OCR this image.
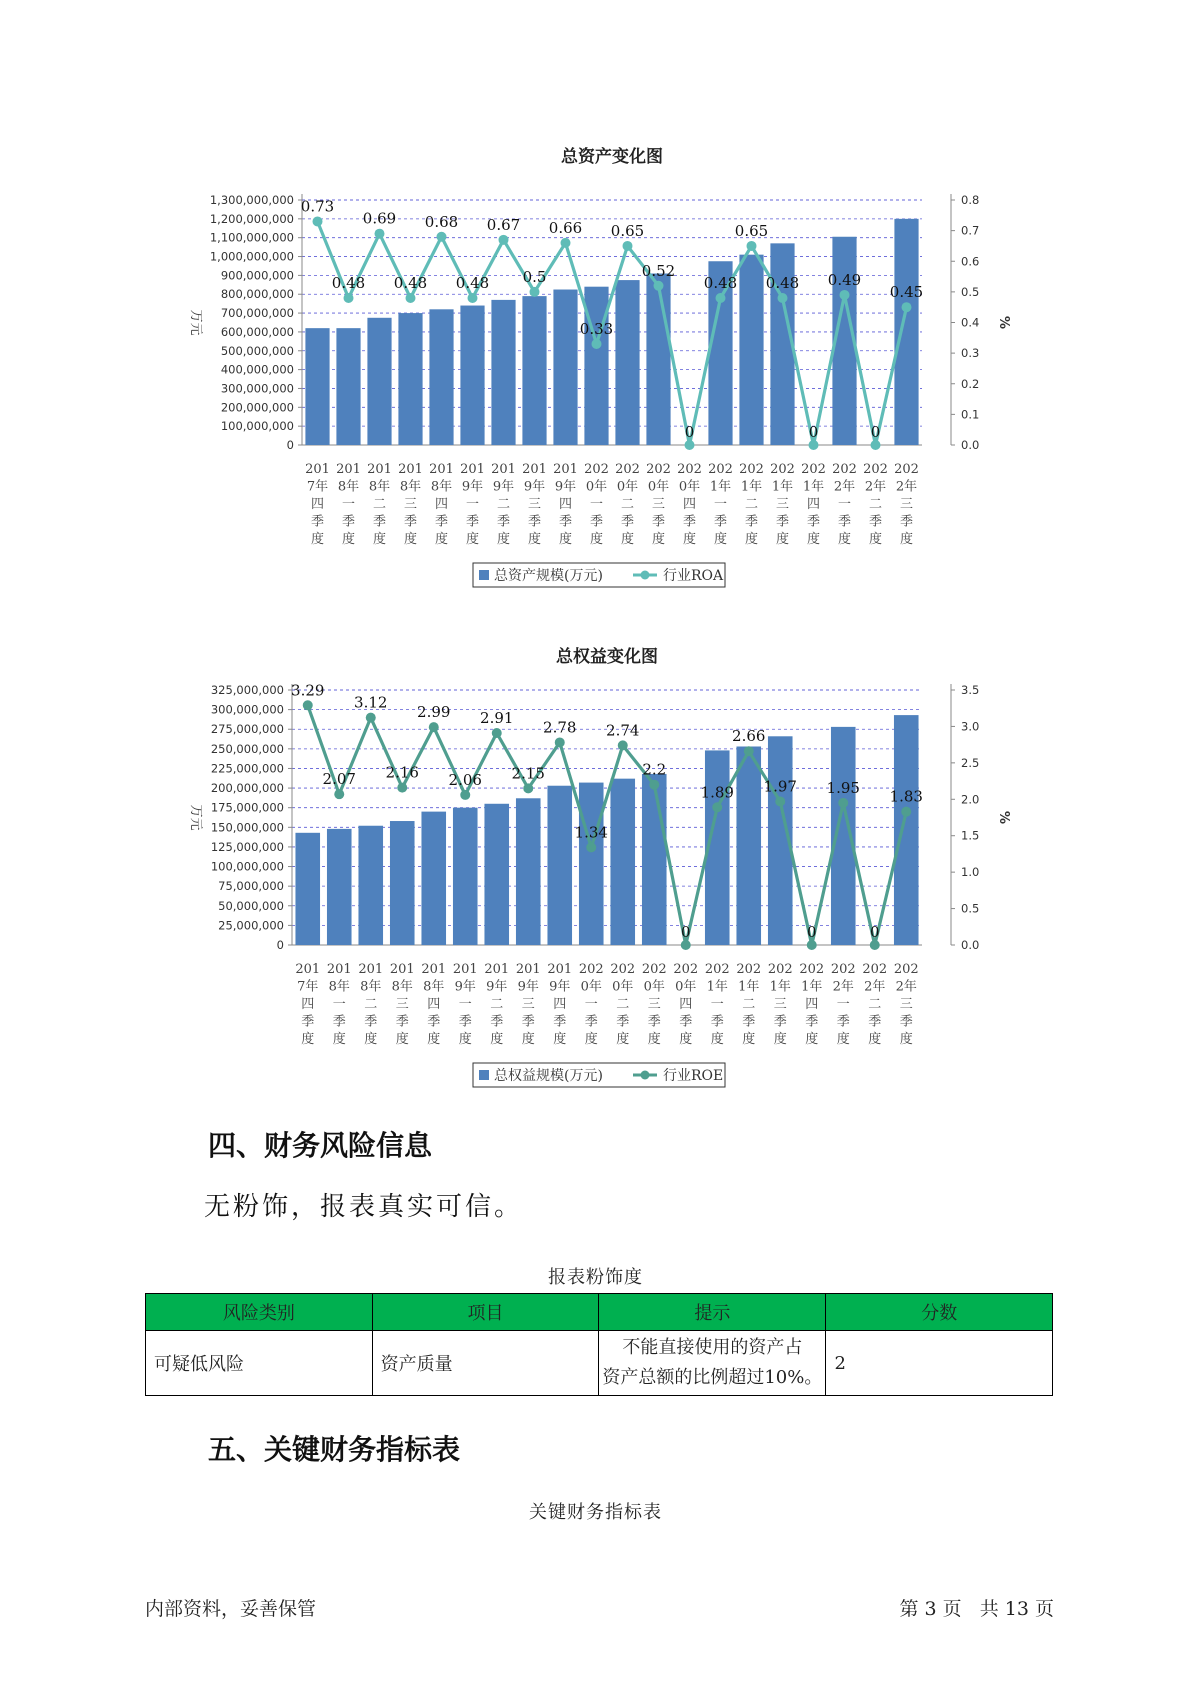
总资产变化图
0
100,000,000
200,000,000
300,000,000
400,000,000
500,000,000
600,000,000
700,000,000
800,000,000
900,000,000
1,000,000,000
1,100,000,000
1,200,000,000
1,300,000,000
0.0
0.1
0.2
0.3
0.4
0.5
0.6
0.7
0.8
万元	%
0.73
0.48
0.69
0.48
0.68
0.48
0.67
0.5
0.66
0.33
0.65
0.52
0
0.48
0.65
0.48
0
0.49
0
0.45
201
7年
四
季
度
201
8年
一
季
度
201
8年
二
季
度
201
8年
三
季
度
201
8年
四
季
度
201
9年
一
季
度
201
9年
二
季
度
201
9年
三
季
度
201
9年
四
季
度
202
0年
一
季
度
202
0年
二
季
度
202
0年
三
季
度
202
0年
四
季
度
202
1年
一
季
度
202
1年
二
季
度
202
1年
三
季
度
202
1年
四
季
度
202
2年
一
季
度
202
2年
二
季
度
202
2年
三
季
度
总资产规模(万元)	行业ROA
总权益变化图
0
25,000,000
50,000,000
75,000,000
100,000,000
125,000,000
150,000,000
175,000,000
200,000,000
225,000,000
250,000,000
275,000,000
300,000,000
325,000,000
0.0
0.5
1.0
1.5
2.0
2.5
3.0
3.5
万元	%
3.29
2.07
3.12
2.16
2.99
2.06
2.91
2.15
2.78
1.34
2.74
2.2
0
1.89
2.66
1.97
0
1.95
0
1.83
201
7年
四
季
度
201
8年
一
季
度
201
8年
二
季
度
201
8年
三
季
度
201
8年
四
季
度
201
9年
一
季
度
201
9年
二
季
度
201
9年
三
季
度
201
9年
四
季
度
202
0年
一
季
度
202
0年
二
季
度
202
0年
三
季
度
202
0年
四
季
度
202
1年
一
季
度
202
1年
二
季
度
202
1年
三
季
度
202
1年
四
季
度
202
2年
一
季
度
202
2年
二
季
度
202
2年
三
季
度
总权益规模(万元)	行业ROE
四、财务风险信息
无粉饰，报表真实可信。
报表粉饰度
风险类别	项目	提示	分数
可疑低风险	资产质量	不能直接使用的资产占
资产总额的比例超过10%。	2
五、关键财务指标表
关键财务指标表
内部资料，妥善保管	第 3 页   共 13 页
